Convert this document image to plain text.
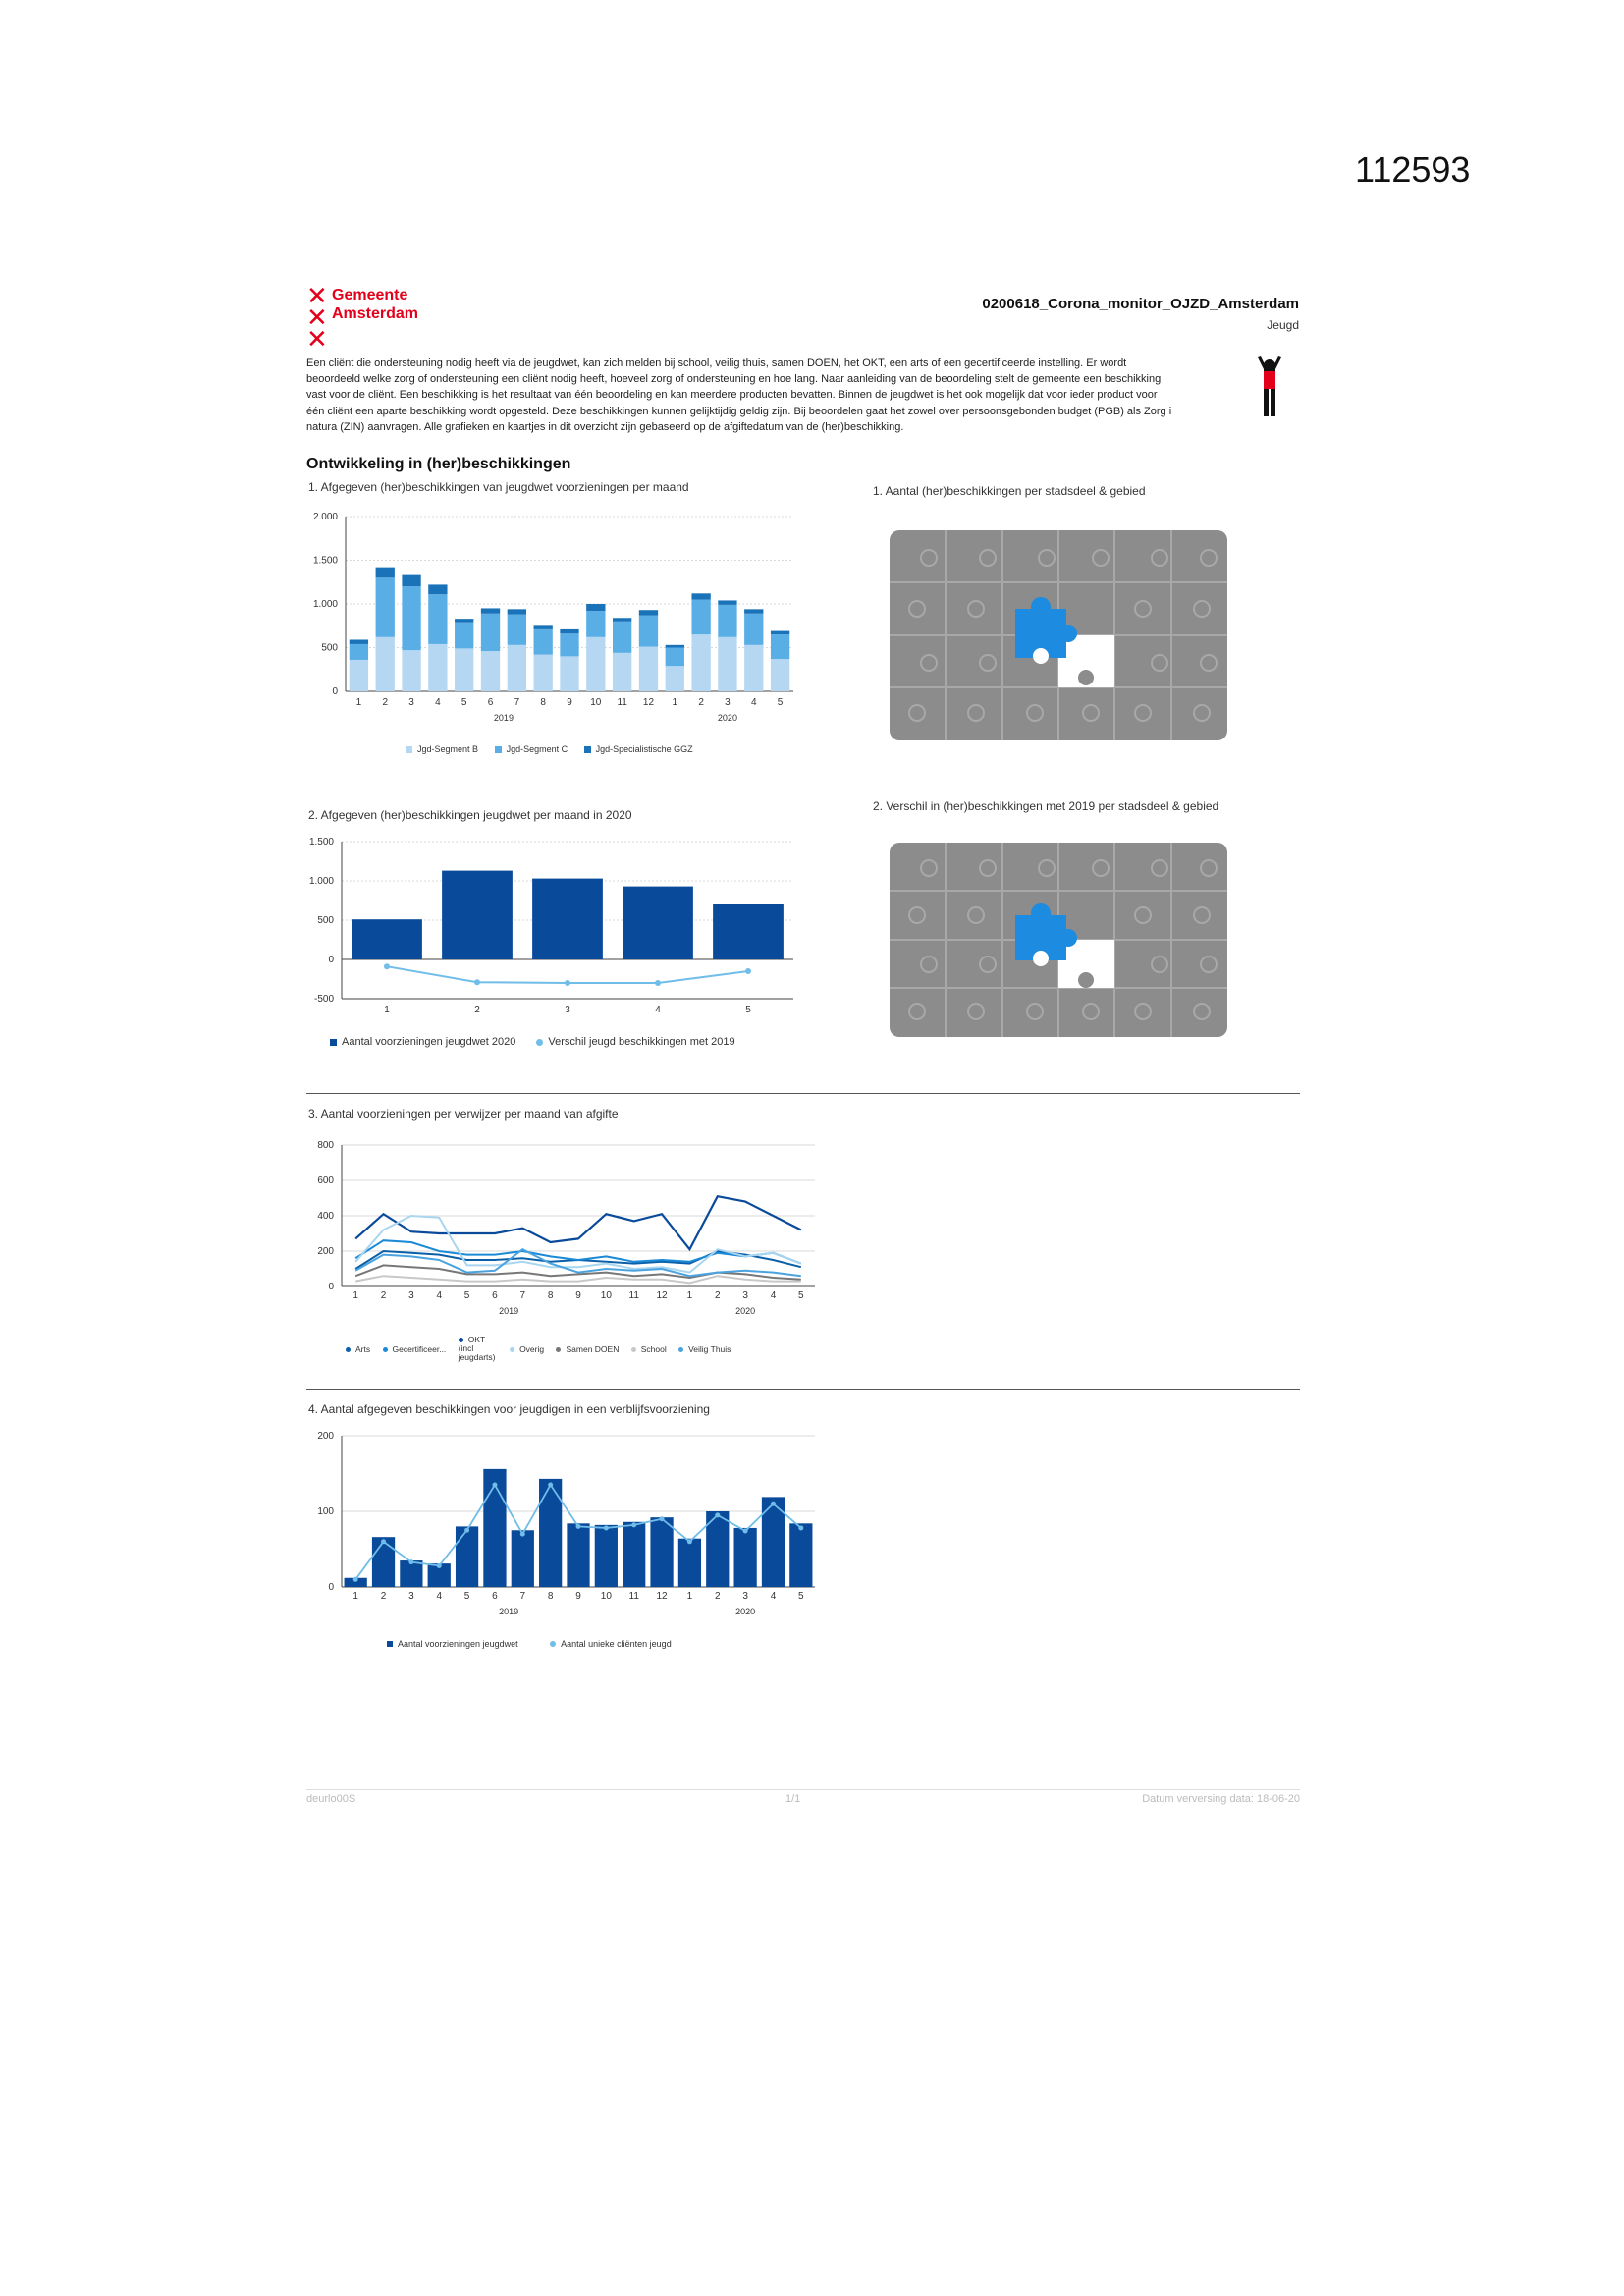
112593
✕
✕
✕
Gemeente
Amsterdam
0200618_Corona_monitor_OJZD_Amsterdam
Jeugd
Een cliënt die ondersteuning nodig heeft via de jeugdwet, kan zich melden bij school, veilig thuis, samen DOEN, het OKT, een arts of een gecertificeerde instelling. Er wordt
beoordeeld welke zorg of ondersteuning een cliënt nodig heeft, hoeveel zorg of ondersteuning en hoe lang. Naar aanleiding van de beoordeling stelt de gemeente een beschikking
vast voor de cliënt. Een beschikking is het resultaat van één beoordeling en kan meerdere producten bevatten. Binnen de jeugdwet is het ook mogelijk dat voor ieder product voor
één cliënt een aparte beschikking wordt opgesteld. Deze beschikkingen kunnen gelijktijdig geldig zijn. Bij beoordelen gaat het zowel over persoonsgebonden budget (PGB) als Zorg i
natura (ZIN) aanvragen. Alle grafieken en kaartjes in dit overzicht zijn gebaseerd op de afgiftedatum van de (her)beschikking.
Ontwikkeling in (her)beschikkingen
1. Afgegeven (her)beschikkingen van jeugdwet voorzieningen per maand
0
500
1.000
1.500
2.000
1 2 3 4 5 6 7 8 9 10 11 12 1 2 3 4 5
2019	2020
Jgd-Segment B	Jgd-Segment C	Jgd-Specialistische GGZ
2. Afgegeven (her)beschikkingen jeugdwet per maand in 2020
-500
0
500
1.000
1.500
1	2	3	4	5
Aantal voorzieningen jeugdwet 2020	Verschil jeugd beschikkingen met 2019
1. Aantal (her)beschikkingen per stadsdeel & gebied
2. Verschil in (her)beschikkingen met 2019 per stadsdeel & gebied
3. Aantal voorzieningen per verwijzer per maand van afgifte
0
200
400
600
800
1 2 3 4 5 6 7 8 9 10 11 12 1 2 3 4 5
2019	2020
Arts	Gecertificeer... OKT (incl jeugdarts) Overig	Samen DOEN	School	Veilig Thuis
4. Aantal afgegeven beschikkingen voor jeugdigen in een verblijfsvoorziening
0
100
200
1 2 3 4 5 6 7 8 9 10 11 12 1 2 3 4 5
2019	2020
Aantal voorzieningen jeugdwet	Aantal unieke cliënten jeugd
deurlo00S	1/1	Datum verversing data: 18-06-20
